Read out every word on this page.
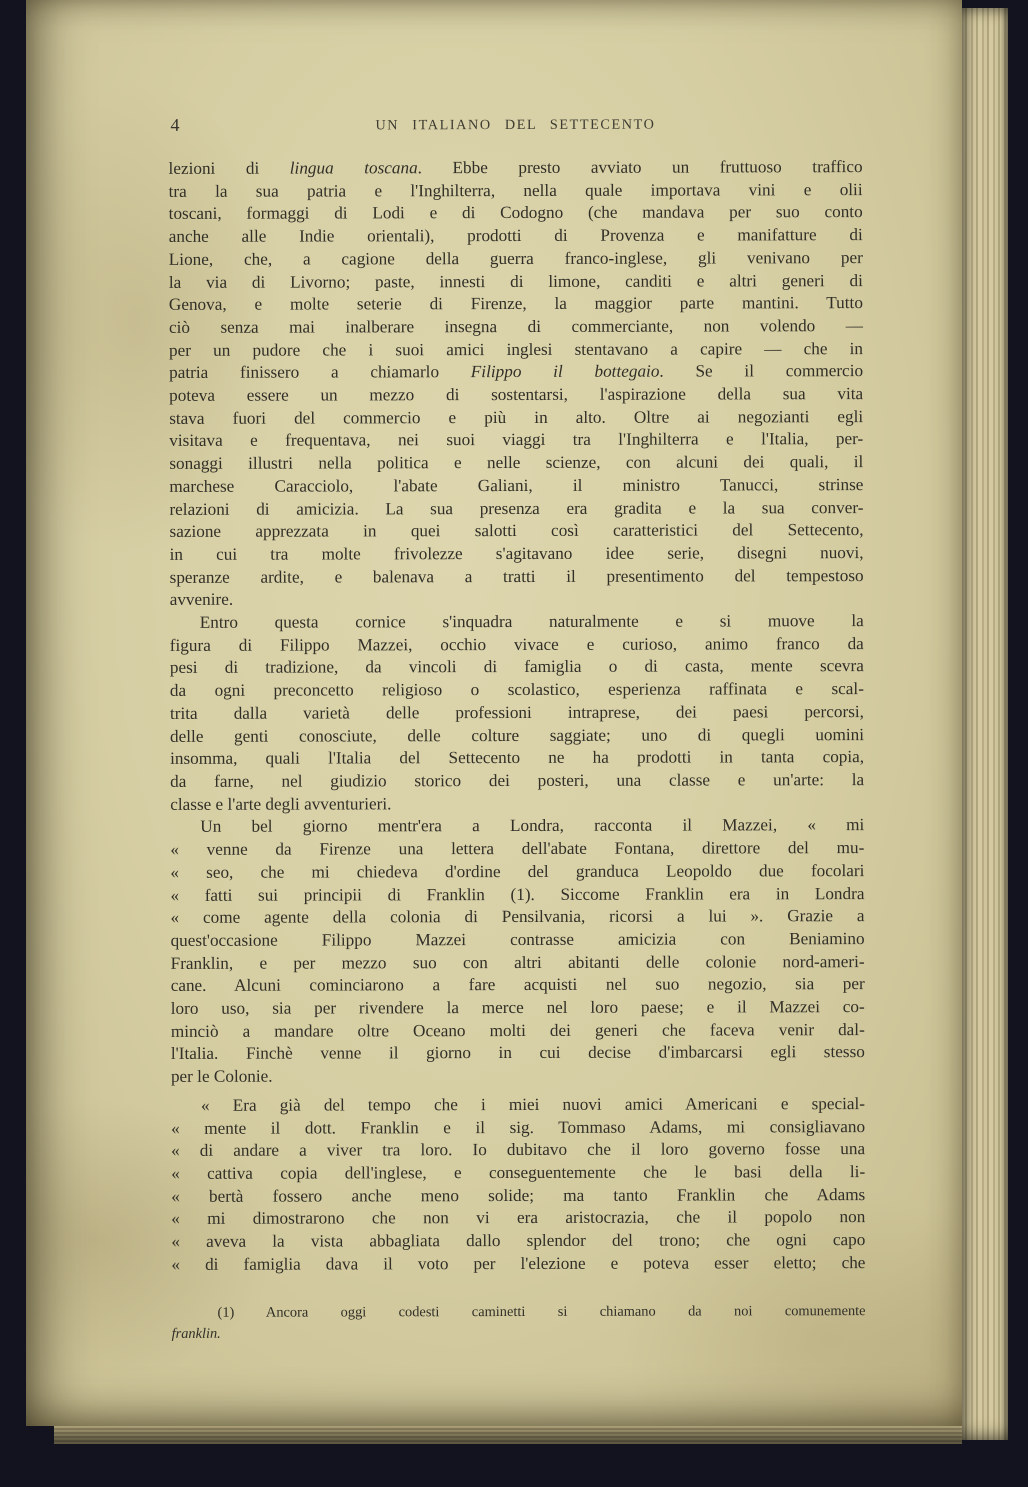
4	UN ITALIANO DEL SETTECENTO
lezioni di lingua toscana. Ebbe presto avviato un fruttuoso traffico
tra la sua patria e l'Inghilterra, nella quale importava vini e olii
toscani, formaggi di Lodi e di Codogno (che mandava per suo conto
anche alle Indie orientali), prodotti di Provenza e manifatture di
Lione, che, a cagione della guerra franco-inglese, gli venivano per
la via di Livorno; paste, innesti di limone, canditi e altri generi di
Genova, e molte seterie di Firenze, la maggior parte mantini. Tutto
ciò senza mai inalberare insegna di commerciante, non volendo —
per un pudore che i suoi amici inglesi stentavano a capire — che in
patria finissero a chiamarlo Filippo il bottegaio. Se il commercio
poteva essere un mezzo di sostentarsi, l'aspirazione della sua vita
stava fuori del commercio e più in alto. Oltre ai negozianti egli
visitava e frequentava, nei suoi viaggi tra l'Inghilterra e l'Italia, per-
sonaggi illustri nella politica e nelle scienze, con alcuni dei quali, il
marchese Caracciolo, l'abate Galiani, il ministro Tanucci, strinse
relazioni di amicizia. La sua presenza era gradita e la sua conver-
sazione apprezzata in quei salotti così caratteristici del Settecento,
in cui tra molte frivolezze s'agitavano idee serie, disegni nuovi,
speranze ardite, e balenava a tratti il presentimento del tempestoso
avvenire.
Entro questa cornice s'inquadra naturalmente e si muove la
figura di Filippo Mazzei, occhio vivace e curioso, animo franco da
pesi di tradizione, da vincoli di famiglia o di casta, mente scevra
da ogni preconcetto religioso o scolastico, esperienza raffinata e scal-
trita dalla varietà delle professioni intraprese, dei paesi percorsi,
delle genti conosciute, delle colture saggiate; uno di quegli uomini
insomma, quali l'Italia del Settecento ne ha prodotti in tanta copia,
da farne, nel giudizio storico dei posteri, una classe e un'arte: la
classe e l'arte degli avventurieri.
Un bel giorno mentr'era a Londra, racconta il Mazzei, « mi
« venne da Firenze una lettera dell'abate Fontana, direttore del mu-
« seo, che mi chiedeva d'ordine del granduca Leopoldo due focolari
« fatti sui principii di Franklin (1). Siccome Franklin era in Londra
« come agente della colonia di Pensilvania, ricorsi a lui ». Grazie a
quest'occasione Filippo Mazzei contrasse amicizia con Beniamino
Franklin, e per mezzo suo con altri abitanti delle colonie nord-ameri-
cane. Alcuni cominciarono a fare acquisti nel suo negozio, sia per
loro uso, sia per rivendere la merce nel loro paese; e il Mazzei co-
minciò a mandare oltre Oceano molti dei generi che faceva venir dal-
l'Italia. Finchè venne il giorno in cui decise d'imbarcarsi egli stesso
per le Colonie.
« Era già del tempo che i miei nuovi amici Americani e special-
« mente il dott. Franklin e il sig. Tommaso Adams, mi consigliavano
« di andare a viver tra loro. Io dubitavo che il loro governo fosse una
« cattiva copia dell'inglese, e conseguentemente che le basi della li-
« bertà fossero anche meno solide; ma tanto Franklin che Adams
« mi dimostrarono che non vi era aristocrazia, che il popolo non
« aveva la vista abbagliata dallo splendor del trono; che ogni capo
« di famiglia dava il voto per l'elezione e poteva esser eletto; che
(1) Ancora oggi codesti caminetti si chiamano da noi comunemente
franklin.
